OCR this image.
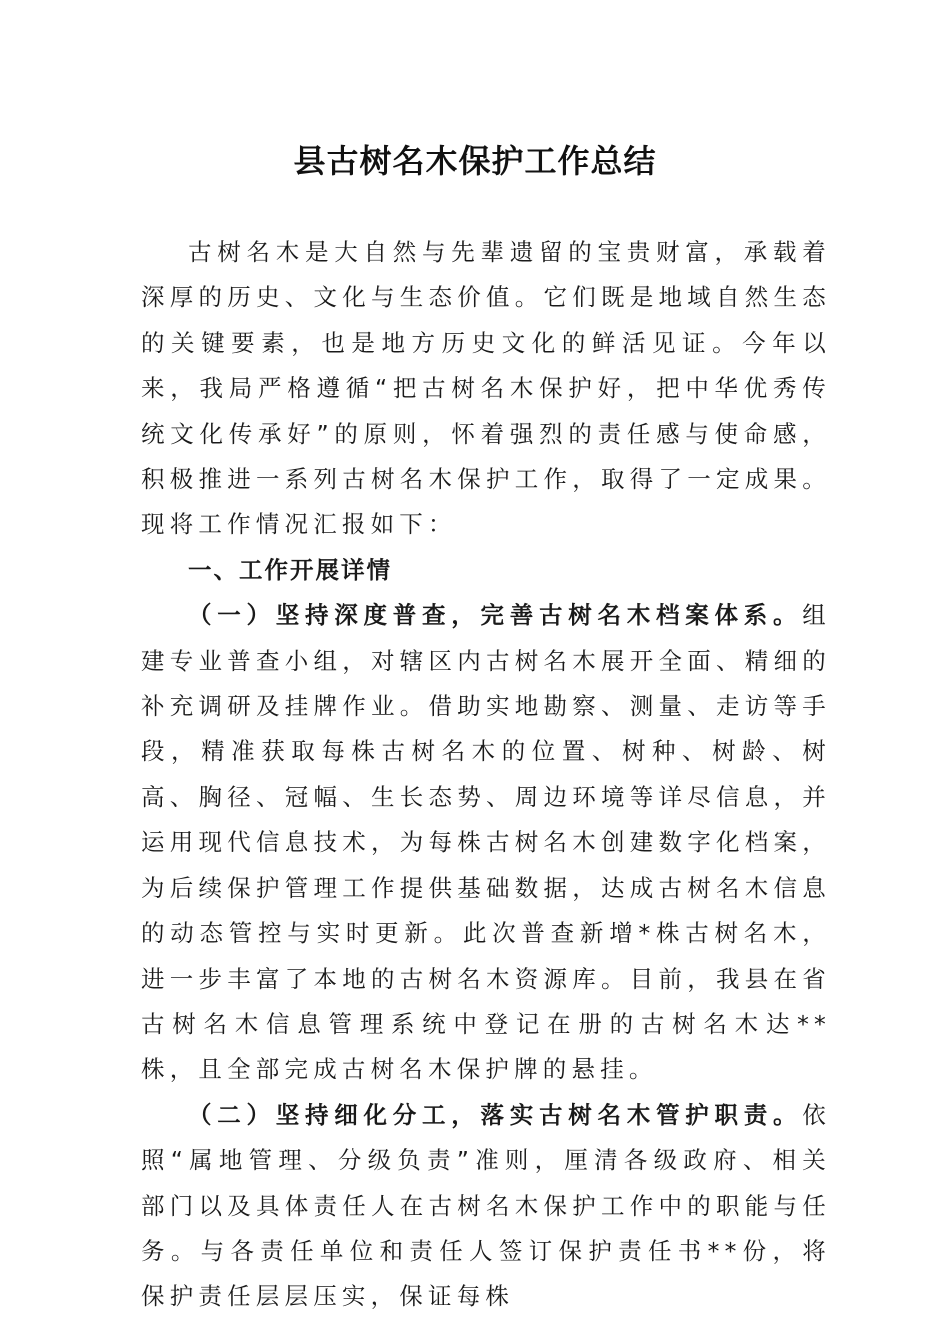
县古树名木保护工作总结

古树名木是大自然与先辈遗留的宝贵财富，承载着深厚的历史、文化与生态价值。它们既是地域自然生态的关键要素，也是地方历史文化的鲜活见证。今年以来，我局严格遵循“把古树名木保护好，把中华优秀传统文化传承好”的原则，怀着强烈的责任感与使命感，积极推进一系列古树名木保护工作，取得了一定成果。现将工作情况汇报如下：

一、工作开展详情

（一）坚持深度普查，完善古树名木档案体系。组建专业普查小组，对辖区内古树名木展开全面、精细的补充调研及挂牌作业。借助实地勘察、测量、走访等手段，精准获取每株古树名木的位置、树种、树龄、树高、胸径、冠幅、生长态势、周边环境等详尽信息，并运用现代信息技术，为每株古树名木创建数字化档案，为后续保护管理工作提供基础数据，达成古树名木信息的动态管控与实时更新。此次普查新增*株古树名木，进一步丰富了本地的古树名木资源库。目前，我县在省古树名木信息管理系统中登记在册的古树名木达**株，且全部完成古树名木保护牌的悬挂。

（二）坚持细化分工，落实古树名木管护职责。依照“属地管理、分级负责”准则，厘清各级政府、相关部门以及具体责任人在古树名木保护工作中的职能与任务。与各责任单位和责任人签订保护责任书**份，将保护责任层层压实，保证每株
